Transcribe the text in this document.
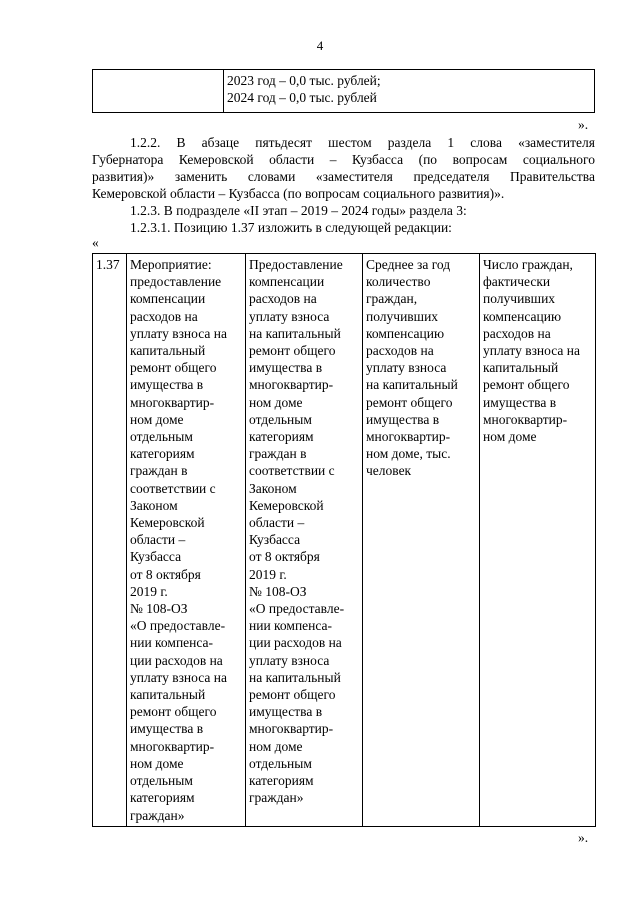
4

2023 год – 0,0 тыс. рублей;
2024 год – 0,0 тыс. рублей
».
1.2.2. В абзаце пятьдесят шестом раздела 1 слова «заместителя
Губернатора Кемеровской области – Кузбасса (по вопросам социального
развития)» заменить словами «заместителя председателя Правительства
Кемеровской области – Кузбасса (по вопросам социального развития)».
1.2.3. В подразделе «II этап – 2019 – 2024 годы» раздела 3:
1.2.3.1. Позицию 1.37 изложить в следующей редакции:
«
1.37	Мероприятие:
предоставление
компенсации
расходов на
уплату взноса на
капитальный
ремонт общего
имущества в
многоквартир-
ном доме
отдельным
категориям
граждан в
соответствии с
Законом
Кемеровской
области –
Кузбасса
от 8 октября
2019 г.
№ 108-ОЗ
«О предоставле-
нии компенса-
ции расходов на
уплату взноса на
капитальный
ремонт общего
имущества в
многоквартир-
ном доме
отдельным
категориям
граждан»

Предоставление
компенсации
расходов на
уплату взноса
на капитальный
ремонт общего
имущества в
многоквартир-
ном доме
отдельным
категориям
граждан в
соответствии с
Законом
Кемеровской
области –
Кузбасса
от 8 октября
2019 г.
№ 108-ОЗ
«О предоставле-
нии компенса-
ции расходов на
уплату взноса
на капитальный
ремонт общего
имущества в
многоквартир-
ном доме
отдельным
категориям
граждан»

Среднее за год
количество
граждан,
получивших
компенсацию
расходов на
уплату взноса
на капитальный
ремонт общего
имущества в
многоквартир-
ном доме, тыс.
человек

Число граждан,
фактически
получивших
компенсацию
расходов на
уплату взноса на
капитальный
ремонт общего
имущества в
многоквартир-
ном доме
».
